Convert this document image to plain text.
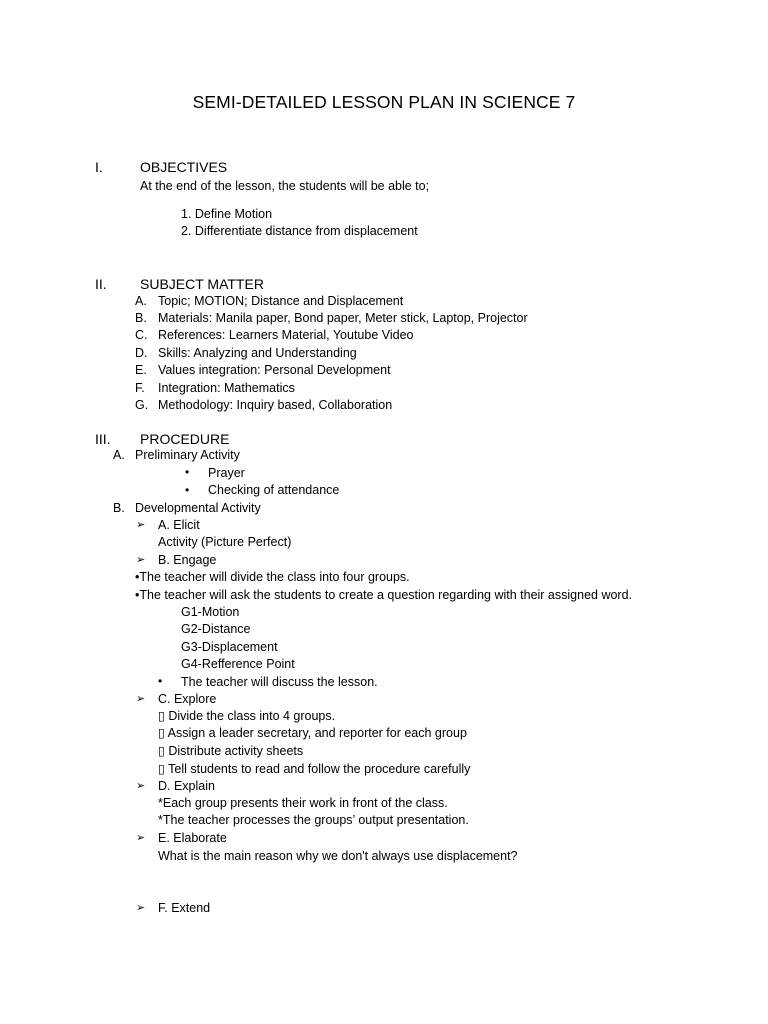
SEMI-DETAILED LESSON PLAN IN SCIENCE 7
I.	OBJECTIVES
At the end of the lesson, the students will be able to;
1. Define Motion
2. Differentiate distance from displacement
II. SUBJECT MATTER
A. Topic; MOTION; Distance and Displacement
B. Materials: Manila paper, Bond paper, Meter stick, Laptop, Projector
C. References: Learners Material, Youtube Video
D. Skills: Analyzing and Understanding
E. Values integration: Personal Development
F. Integration: Mathematics
G. Methodology: Inquiry based, Collaboration
III. PROCEDURE
A. Preliminary Activity
• Prayer
• Checking of attendance
B. Developmental Activity
➢ A. Elicit
Activity (Picture Perfect)
➢ B. Engage
•The teacher will divide the class into four groups.
•The teacher will ask the students to create a question regarding with their assigned word.
G1-Motion
G2-Distance
G3-Displacement
G4-Refference Point
• The teacher will discuss the lesson.
➢ C. Explore
▯ Divide the class into 4 groups.
▯ Assign a leader secretary, and reporter for each group
▯ Distribute activity sheets
▯ Tell students to read and follow the procedure carefully
➢ D. Explain
*Each group presents their work in front of the class.
*The teacher processes the groups’ output presentation.
➢ E. Elaborate
What is the main reason why we don't always use displacement?
➢ F. Extend
